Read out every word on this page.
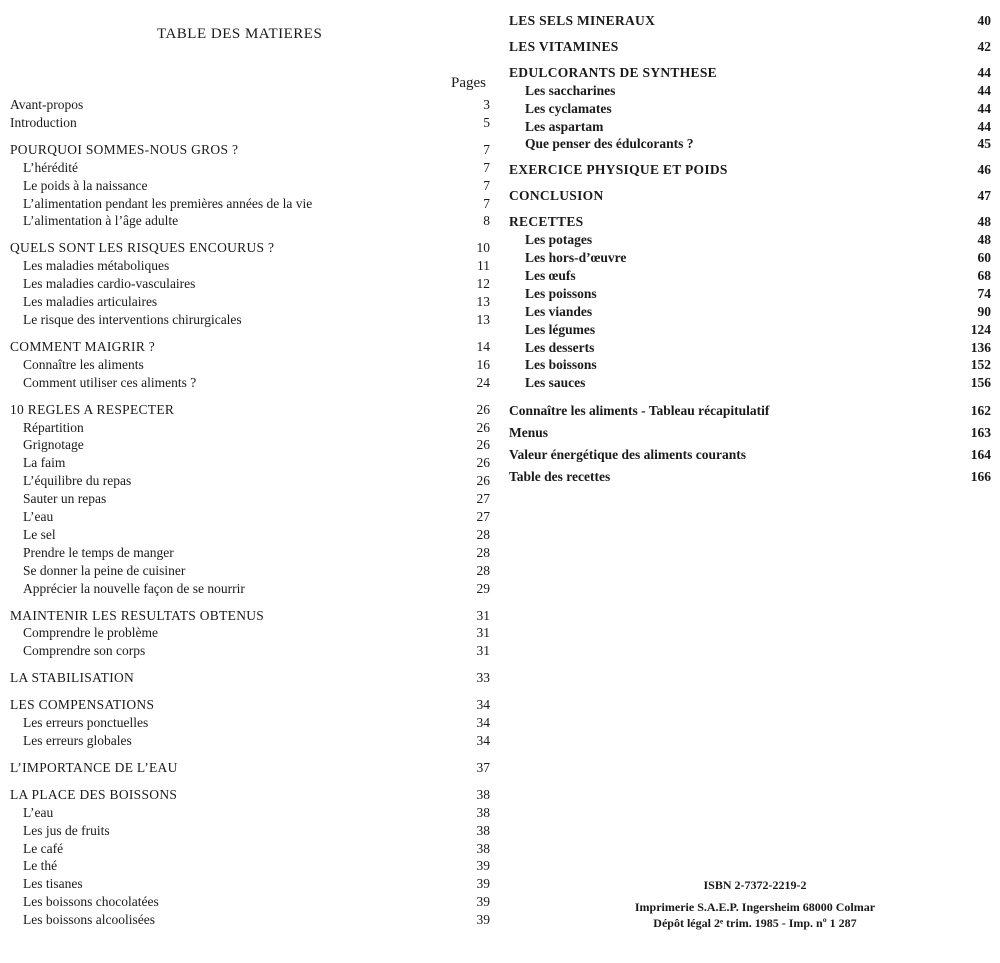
TABLE DES MATIERES
Pages
Avant-propos	3
Introduction	5
POURQUOI SOMMES-NOUS GROS ?	7
L’hérédité	7
Le poids à la naissance	7
L’alimentation pendant les premières années de la vie	7
L’alimentation à l’âge adulte	8
QUELS SONT LES RISQUES ENCOURUS ?	10
Les maladies métaboliques	11
Les maladies cardio-vasculaires	12
Les maladies articulaires	13
Le risque des interventions chirurgicales	13
COMMENT MAIGRIR ?	14
Connaître les aliments	16
Comment utiliser ces aliments ?	24
10 REGLES A RESPECTER	26
Répartition	26
Grignotage	26
La faim	26
L’équilibre du repas	26
Sauter un repas	27
L’eau	27
Le sel	28
Prendre le temps de manger	28
Se donner la peine de cuisiner	28
Apprécier la nouvelle façon de se nourrir	29
MAINTENIR LES RESULTATS OBTENUS	31
Comprendre le problème	31
Comprendre son corps	31
LA STABILISATION	33
LES COMPENSATIONS	34
Les erreurs ponctuelles	34
Les erreurs globales	34
L’IMPORTANCE DE L’EAU	37
LA PLACE DES BOISSONS	38
L’eau	38
Les jus de fruits	38
Le café	38
Le thé	39
Les tisanes	39
Les boissons chocolatées	39
Les boissons alcoolisées	39
LES SELS MINERAUX	40
LES VITAMINES	42
EDULCORANTS DE SYNTHESE	44
Les saccharines	44
Les cyclamates	44
Les aspartam	44
Que penser des édulcorants ?	45
EXERCICE PHYSIQUE ET POIDS	46
CONCLUSION	47
RECETTES	48
Les potages	48
Les hors-d’œuvre	60
Les œufs	68
Les poissons	74
Les viandes	90
Les légumes	124
Les desserts	136
Les boissons	152
Les sauces	156
Connaître les aliments - Tableau récapitulatif	162
Menus	163
Valeur énergétique des aliments courants	164
Table des recettes	166
ISBN 2-7372-2219-2
Imprimerie S.A.E.P. Ingersheim 68000 Colmar
Dépôt légal 2ᵉ trim. 1985 - Imp. nº 1 287
